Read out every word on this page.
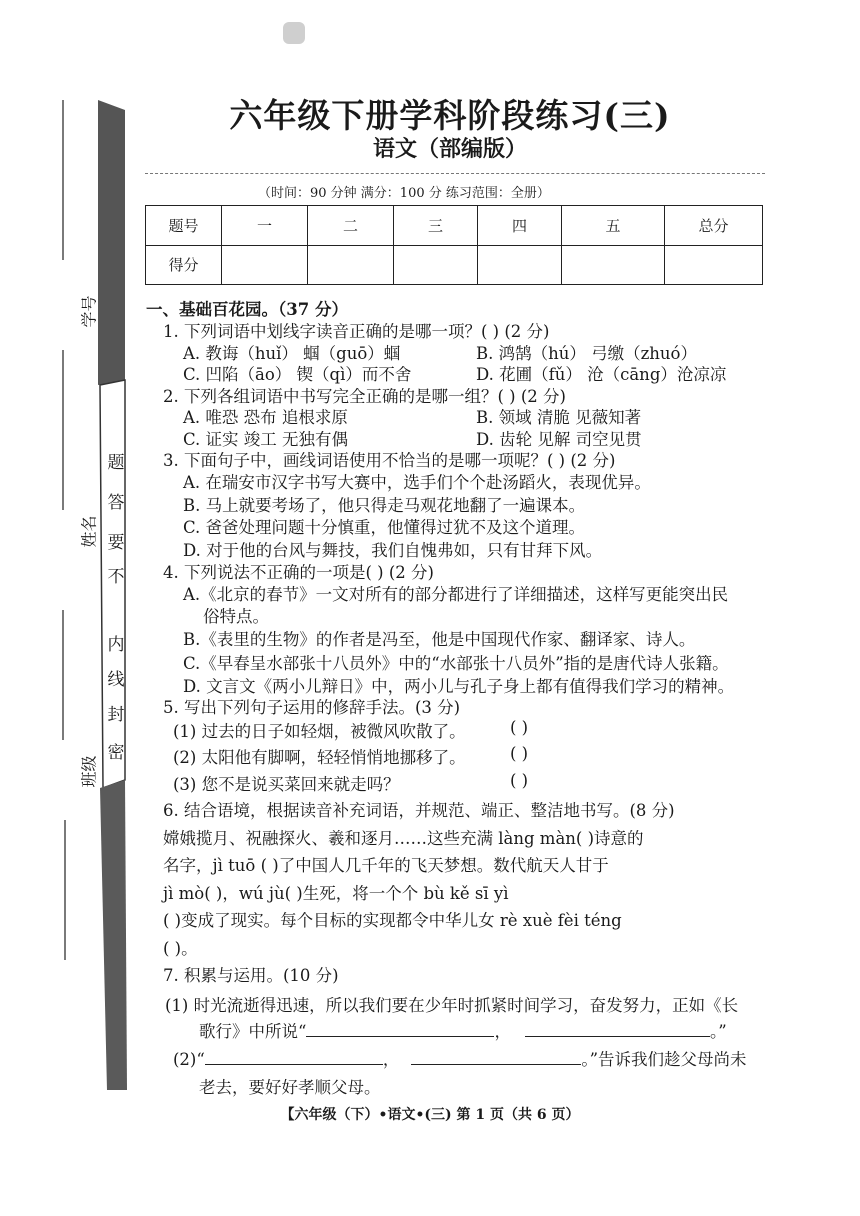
学号
姓名
班级
题
答
要
不
内
线
封
密
六年级下册学科阶段练习(三)
语文（部编版）
（时间：90 分钟 满分：100 分 练习范围：全册）
题号	一	二	三	四	五	总分
得分						
一、基础百花园。（37 分）
1. 下列词语中划线字读音正确的是哪一项？( ) (2 分)
A. 教诲（huǐ） 蝈（guō）蝈	B. 鸿鹄（hú） 弓缴（zhuó）
C. 凹陷（āo） 锲（qì）而不舍	D. 花圃（fǔ） 沧（cāng）沧凉凉
2. 下列各组词语中书写完全正确的是哪一组？( ) (2 分)
A. 唯恐 恐布 追根求原	B. 领域 清脆 见薇知著
C. 证实 竣工 无独有偶	D. 齿轮 见解 司空见贯
3. 下面句子中，画线词语使用不恰当的是哪一项呢？( ) (2 分)
A. 在瑞安市汉字书写大赛中，选手们个个赴汤蹈火，表现优异。
B. 马上就要考场了，他只得走马观花地翻了一遍课本。
C. 爸爸处理问题十分慎重，他懂得过犹不及这个道理。
D. 对于他的台风与舞技，我们自愧弗如，只有甘拜下风。
4. 下列说法不正确的一项是( ) (2 分)
A.《北京的春节》一文对所有的部分都进行了详细描述，这样写更能突出民
俗特点。
B.《表里的生物》的作者是冯至，他是中国现代作家、翻译家、诗人。
C.《早春呈水部张十八员外》中的“水部张十八员外”指的是唐代诗人张籍。
D. 文言文《两小儿辩日》中，两小儿与孔子身上都有值得我们学习的精神。
5. 写出下列句子运用的修辞手法。(3 分)
(1) 过去的日子如轻烟，被微风吹散了。	( )
(2) 太阳他有脚啊，轻轻悄悄地挪移了。	( )
(3) 您不是说买菜回来就走吗？	( )
6. 结合语境，根据读音补充词语，并规范、端正、整洁地书写。(8 分)
嫦娥揽月、祝融探火、羲和逐月……这些充满 làng màn( )诗意的
名字，jì tuō ( )了中国人几千年的飞天梦想。数代航天人甘于
jì mò( )，wú jù( )生死，将一个个 bù kě sī yì
( )变成了现实。每个目标的实现都令中华儿女 rè xuè fèi téng
( )。
7. 积累与运用。(10 分)
(1) 时光流逝得迅速，所以我们要在少年时抓紧时间学习，奋发努力，正如《长
歌行》中所说“	，	。”
(2)“	，	。”告诉我们趁父母尚未
老去，要好好孝顺父母。
【六年级（下）•语文•(三) 第 1 页（共 6 页）
